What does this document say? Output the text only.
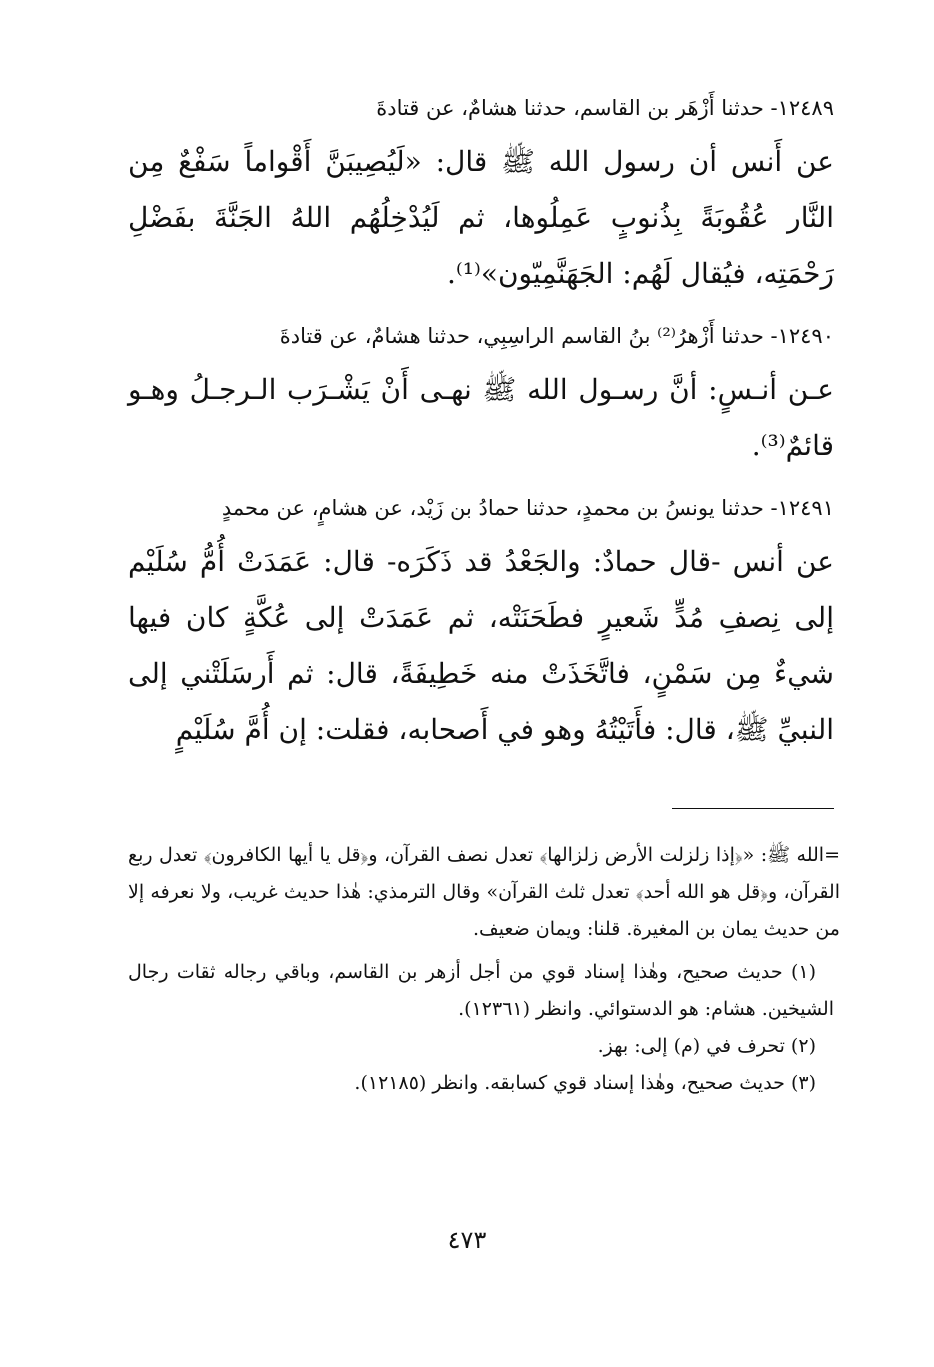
١٢٤٨٩- حدثنا أَزْهَر بن القاسم، حدثنا هشامٌ، عن قتادةَ

عن أَنس أن رسول الله ﷺ قال: «لَيُصِيبَنَّ أَقْواماً سَفْعٌ مِن النَّار عُقُوبَةً بِذُنوبٍ عَمِلُوها، ثم لَيُدْخِلُهُم اللهُ الجَنَّةَ بفَضْلِ رَحْمَتِه، فيُقال لَهُم: الجَهَنَّمِيّون»⁽¹⁾.

١٢٤٩٠- حدثنا أَزْهرُ⁽²⁾ بنُ القاسم الراسِبِي، حدثنا هشامٌ، عن قتادةَ

عـن أنـسٍ: أنَّ رسـول الله ﷺ نهـى أَنْ يَشْـرَب الـرجـلُ وهـو قائمٌ⁽³⁾.

١٢٤٩١- حدثنا يونسُ بن محمدٍ، حدثنا حمادُ بن زَيْد، عن هشامٍ، عن محمدٍ

عن أنس -قال حمادٌ: والجَعْدُ قد ذَكَرَه- قال: عَمَدَتْ أُمُّ سُلَيْم إلى نِصفِ مُدٍّ شَعيرٍ فطَحَنَتْه، ثم عَمَدَتْ إلى عُكَّةٍ كان فيها شيءٌ مِن سَمْنٍ، فاتَّخَذَتْ منه خَطِيفَةً، قال: ثم أَرسَلَتْني إلى النبيِّ ﷺ، قال: فأَتَيْتُهُ وهو في أَصحابه، فقلت: إن أُمَّ سُلَيْمٍ

=الله ﷺ: «﴿إذا زلزلت الأرض زلزالها﴾ تعدل نصف القرآن، و﴿قل يا أيها الكافرون﴾ تعدل ربع القرآن، و﴿قل هو الله أحد﴾ تعدل ثلث القرآن» وقال الترمذي: هٰذا حديث غريب، ولا نعرفه إلا من حديث يمان بن المغيرة. قلنا: ويمان ضعيف.

(١) حديث صحيح، وهٰذا إسناد قوي من أجل أزهر بن القاسم، وباقي رجاله ثقات رجال الشيخين. هشام: هو الدستوائي. وانظر (١٢٣٦١).

(٢) تحرف في (م) إلى: بهز.

(٣) حديث صحيح، وهٰذا إسناد قوي كسابقه. وانظر (١٢١٨٥).

٤٧٣
